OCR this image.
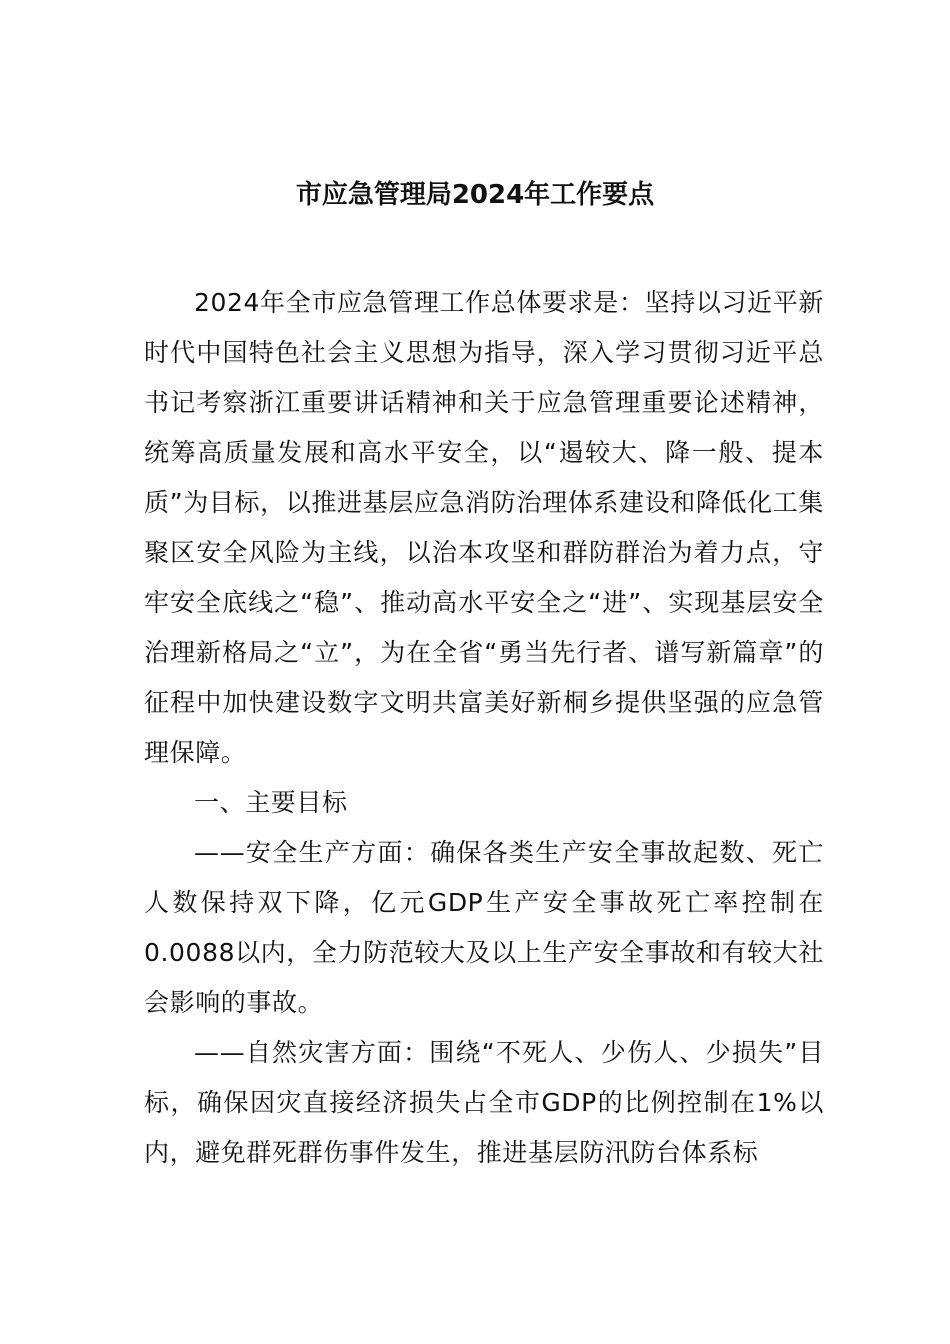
市应急管理局2024年工作要点

2024年全市应急管理工作总体要求是：坚持以习近平新时代中国特色社会主义思想为指导，深入学习贯彻习近平总书记考察浙江重要讲话精神和关于应急管理重要论述精神，统筹高质量发展和高水平安全，以“遏较大、降一般、提本质”为目标，以推进基层应急消防治理体系建设和降低化工集聚区安全风险为主线，以治本攻坚和群防群治为着力点，守牢安全底线之“稳”、推动高水平安全之“进”、实现基层安全治理新格局之“立”，为在全省“勇当先行者、谱写新篇章”的征程中加快建设数字文明共富美好新桐乡提供坚强的应急管理保障。

一、主要目标

——安全生产方面：确保各类生产安全事故起数、死亡人数保持双下降，亿元GDP生产安全事故死亡率控制在0.0088以内，全力防范较大及以上生产安全事故和有较大社会影响的事故。

——自然灾害方面：围绕“不死人、少伤人、少损失”目标，确保因灾直接经济损失占全市GDP的比例控制在1%以内，避免群死群伤事件发生，推进基层防汛防台体系标
